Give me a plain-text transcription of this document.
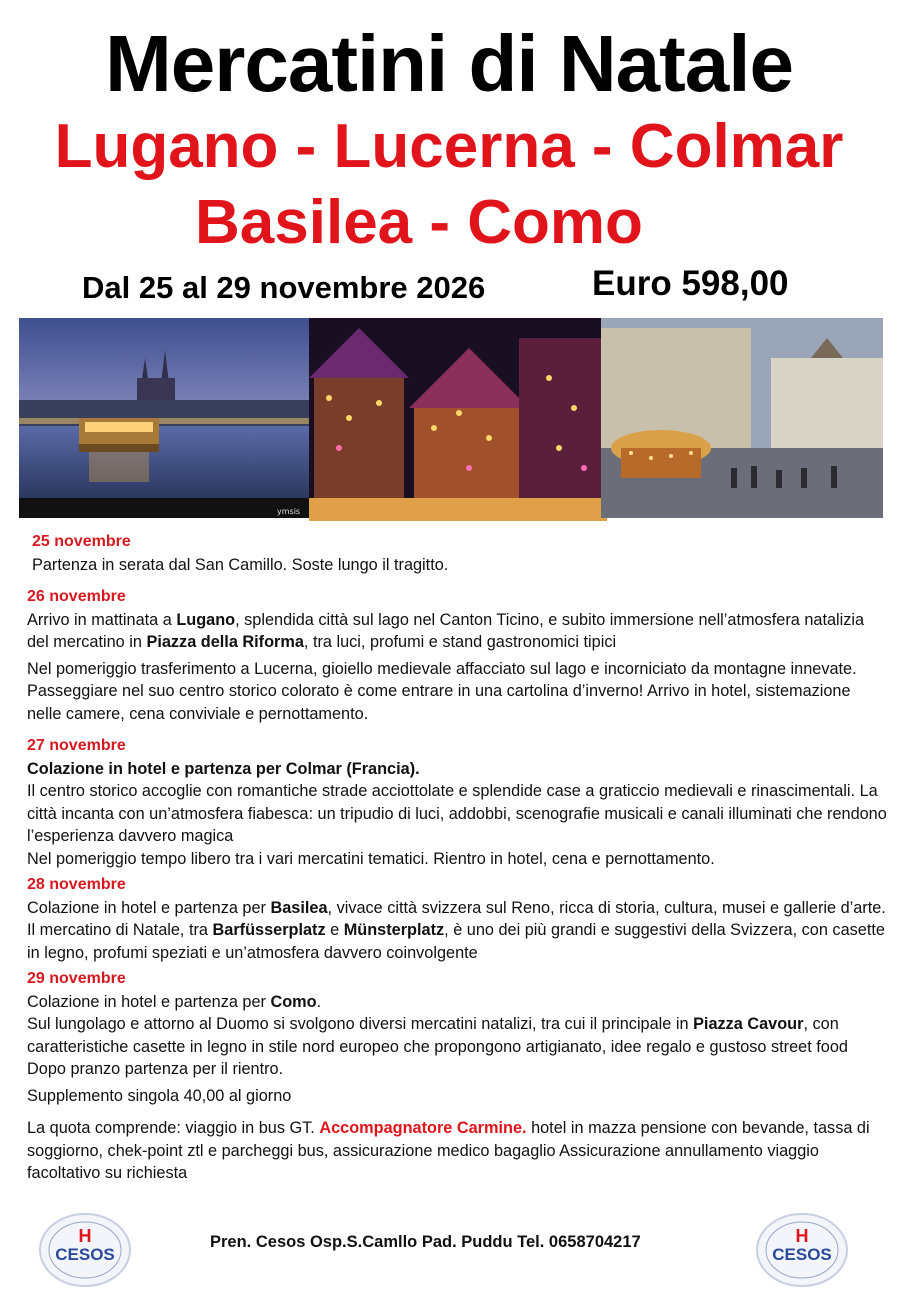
Mercatini di Natale
Lugano - Lucerna - Colmar
Basilea - Como
Dal 25 al 29 novembre 2026	Euro 598,00
ymsis
25 novembre
Partenza in serata dal San Camillo. Soste lungo il tragitto.
26 novembre
Arrivo in mattinata a Lugano, splendida città sul lago nel Canton Ticino, e subito immersione nell’atmosfera natalizia del mercatino in Piazza della Riforma, tra luci, profumi e stand gastronomici tipici
Nel pomeriggio trasferimento a Lucerna, gioiello medievale affacciato sul lago e incorniciato da montagne innevate. Passeggiare nel suo centro storico colorato è come entrare in una cartolina d’inverno! Arrivo in hotel, sistemazione nelle camere, cena conviviale e pernottamento.
27 novembre
Colazione in hotel e partenza per Colmar (Francia).
Il centro storico accoglie con romantiche strade acciottolate e splendide case a graticcio medievali e rinascimentali. La città incanta con un’atmosfera fiabesca: un tripudio di luci, addobbi, scenografie musicali e canali illuminati che rendono l’esperienza davvero magica
Nel pomeriggio tempo libero tra i vari mercatini tematici. Rientro in hotel, cena e pernottamento.
28 novembre
Colazione in hotel e partenza per Basilea, vivace città svizzera sul Reno, ricca di storia, cultura, musei e gallerie d’arte.
Il mercatino di Natale, tra Barfüsserplatz e Münsterplatz, è uno dei più grandi e suggestivi della Svizzera, con casette in legno, profumi speziati e un’atmosfera davvero coinvolgente
29 novembre
Colazione in hotel e partenza per Como.
Sul lungolago e attorno al Duomo si svolgono diversi mercatini natalizi, tra cui il principale in Piazza Cavour, con caratteristiche casette in legno in stile nord europeo che propongono artigianato, idee regalo e gustoso street food Dopo pranzo partenza per il rientro.
Supplemento singola 40,00 al giorno
La quota comprende: viaggio in bus GT. Accompagnatore Carmine. hotel in mazza pensione con bevande, tassa di soggiorno, chek-point ztl e parcheggi bus, assicurazione medico bagaglio Assicurazione annullamento viaggio facoltativo su richiesta
H
CESOS
Pren. Cesos Osp.S.Camllo Pad. Puddu Tel. 0658704217	H
CESOS
